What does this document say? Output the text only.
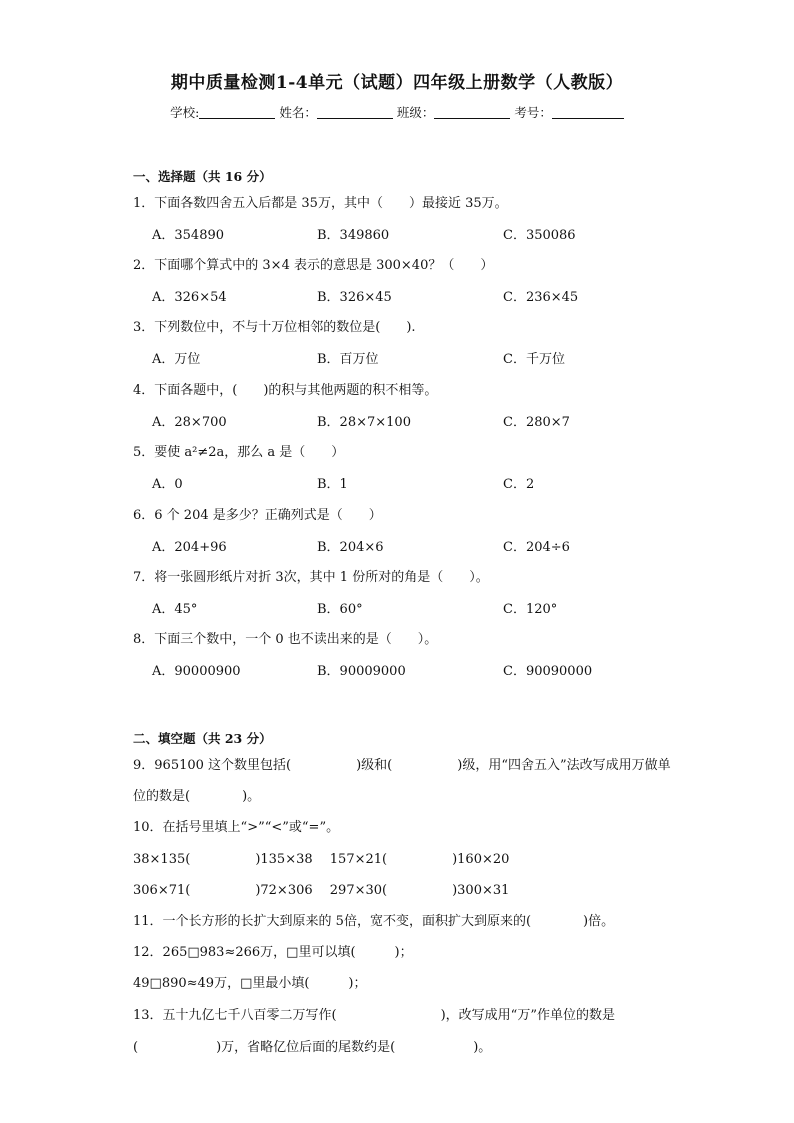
期中质量检测1-4单元（试题）四年级上册数学（人教版）
学校:	姓名：	班级：	考号：
一、选择题（共 16 分）
1．下面各数四舍五入后都是 35万，其中（　　）最接近 35万。
A．354890	B．349860	C．350086
2．下面哪个算式中的 3×4 表示的意思是 300×40？（　　）
A．326×54	B．326×45	C．236×45
3．下列数位中，不与十万位相邻的数位是(　　).
A．万位	B．百万位	C．千万位
4．下面各题中，(　　)的积与其他两题的积不相等。
A．28×700	B．28×7×100	C．280×7
5．要使 a²≠2a，那么 a 是（　　）
A．0	B．1	C．2
6．6 个 204 是多少？正确列式是（　　）
A．204+96	B．204×6	C．204÷6
7．将一张圆形纸片对折 3次，其中 1 份所对的角是（　　）。
A．45°	B．60°	C．120°
8．下面三个数中，一个 0 也不读出来的是（　　）。
A．90000900	B．90009000	C．90090000
二、填空题（共 23 分）
9．965100 这个数里包括(　　　　　)级和(　　　　　)级，用“四舍五入”法改写成用万做单
位的数是(　　　　)。
10．在括号里填上“>”“<”或“=”。
38×135(　　　　　)135×38　 157×21(　　　　　)160×20
306×71(　　　　　)72×306　 297×30(　　　　　)300×31
11．一个长方形的长扩大到原来的 5倍，宽不变，面积扩大到原来的(　　　　)倍。
12．265□983≈266万，□里可以填(　　　)；
49□890≈49万，□里最小填(　　　)；
13．五十九亿七千八百零二万写作(　　　　　　　　)，改写成用“万”作单位的数是
(　　　　　　)万，省略亿位后面的尾数约是(　　　　　　)。
